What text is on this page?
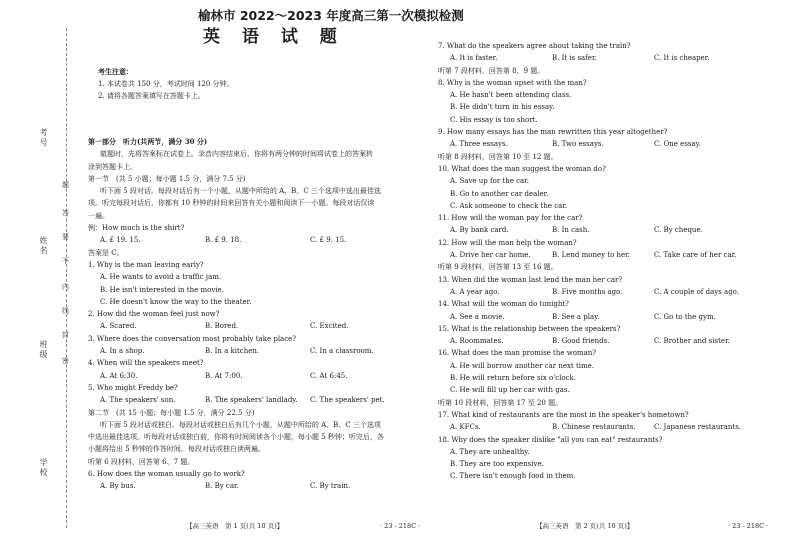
考号
姓名
班级
学校
题
答
要
不
内
线
封
密
榆林市 2022～2023 年度高三第一次模拟检测
英 语 试 题
考生注意：
1. 本试卷共 150 分，考试时间 120 分钟。
2. 请将各题答案填写在答题卡上。
第一部分　听力(共两节，满分 30 分)
做题时，先将答案标在试卷上。录音内容结束后，你将有两分钟的时间将试卷上的答案转
涂到答题卡上。
第一节　(共 5 小题；每小题 1.5 分，满分 7.5 分)
听下面 5 段对话。每段对话后有一个小题，从题中所给的 A、B、C 三个选项中选出最佳选
项。听完每段对话后，你都有 10 秒钟的时间来回答有关小题和阅读下一小题。每段对话仅读
一遍。
例：How much is the shirt?
A. £ 19. 15.	B. £ 9. 18.	C. £ 9. 15.
答案是 C。
1. Why is the man leaving early?
A. He wants to avoid a traffic jam.
B. He isn't interested in the movie.
C. He doesn't know the way to the theater.
2. How did the woman feel just now?
A. Scared.	B. Bored.	C. Excited.
3. Where does the conversation most probably take place?
A. In a shop.	B. In a kitchen.	C. In a classroom.
4. When will the speakers meet?
A. At 6:30.	B. At 7:00.	C. At 6:45.
5. Who might Freddy be?
A. The speakers' son.	B. The speakers' landlady.	C. The speakers' pet.
第二节　(共 15 小题；每小题 1.5 分，满分 22.5 分)
听下面 5 段对话或独白。每段对话或独白后有几个小题，从题中所给的 A、B、C 三个选项
中选出最佳选项。听每段对话或独白前，你将有时间阅读各个小题，每小题 5 秒钟；听完后，各
小题将给出 5 秒钟的作答时间。每段对话或独白读两遍。
听第 6 段材料，回答第 6、7 题。
6. How does the woman usually go to work?
A. By bus.	B. By car.	C. By train.
【高三英语　第 1 页(共 10 页)】	· 23 - 218C ·
7. What do the speakers agree about taking the train?
A. It is faster.	B. It is safer.	C. It is cheaper.
听第 7 段材料，回答第 8、9 题。
8. Why is the woman upset with the man?
A. He hasn't been attending class.
B. He didn't turn in his essay.
C. His essay is too short.
9. How many essays has the man rewritten this year altogether?
A. Three essays.	B. Two essays.	C. One essay.
听第 8 段材料，回答第 10 至 12 题。
10. What does the man suggest the woman do?
A. Save up for the car.
B. Go to another car dealer.
C. Ask someone to check the car.
11. How will the woman pay for the car?
A. By bank card.	B. In cash.	C. By cheque.
12. How will the man help the woman?
A. Drive her car home.	B. Lend money to her.	C. Take care of her car.
听第 9 段材料，回答第 13 至 16 题。
13. When did the woman last lend the man her car?
A. A year ago.	B. Five months ago.	C. A couple of days ago.
14. What will the woman do tonight?
A. See a movie.	B. See a play.	C. Go to the gym.
15. What is the relationship between the speakers?
A. Roommates.	B. Good friends.	C. Brother and sister.
16. What does the man promise the woman?
A. He will borrow another car next time.
B. He will return before six o'clock.
C. He will fill up her car with gas.
听第 10 段材料，回答第 17 至 20 题。
17. What kind of restaurants are the most in the speaker's hometown?
A. KFCs.	B. Chinese restaurants.	C. Japanese restaurants.
18. Why does the speaker dislike "all you can eat" restaurants?
A. They are unhealthy.
B. They are too expensive.
C. There isn't enough food in them.
【高三英语　第 2 页(共 10 页)】	· 23 - 218C ·
